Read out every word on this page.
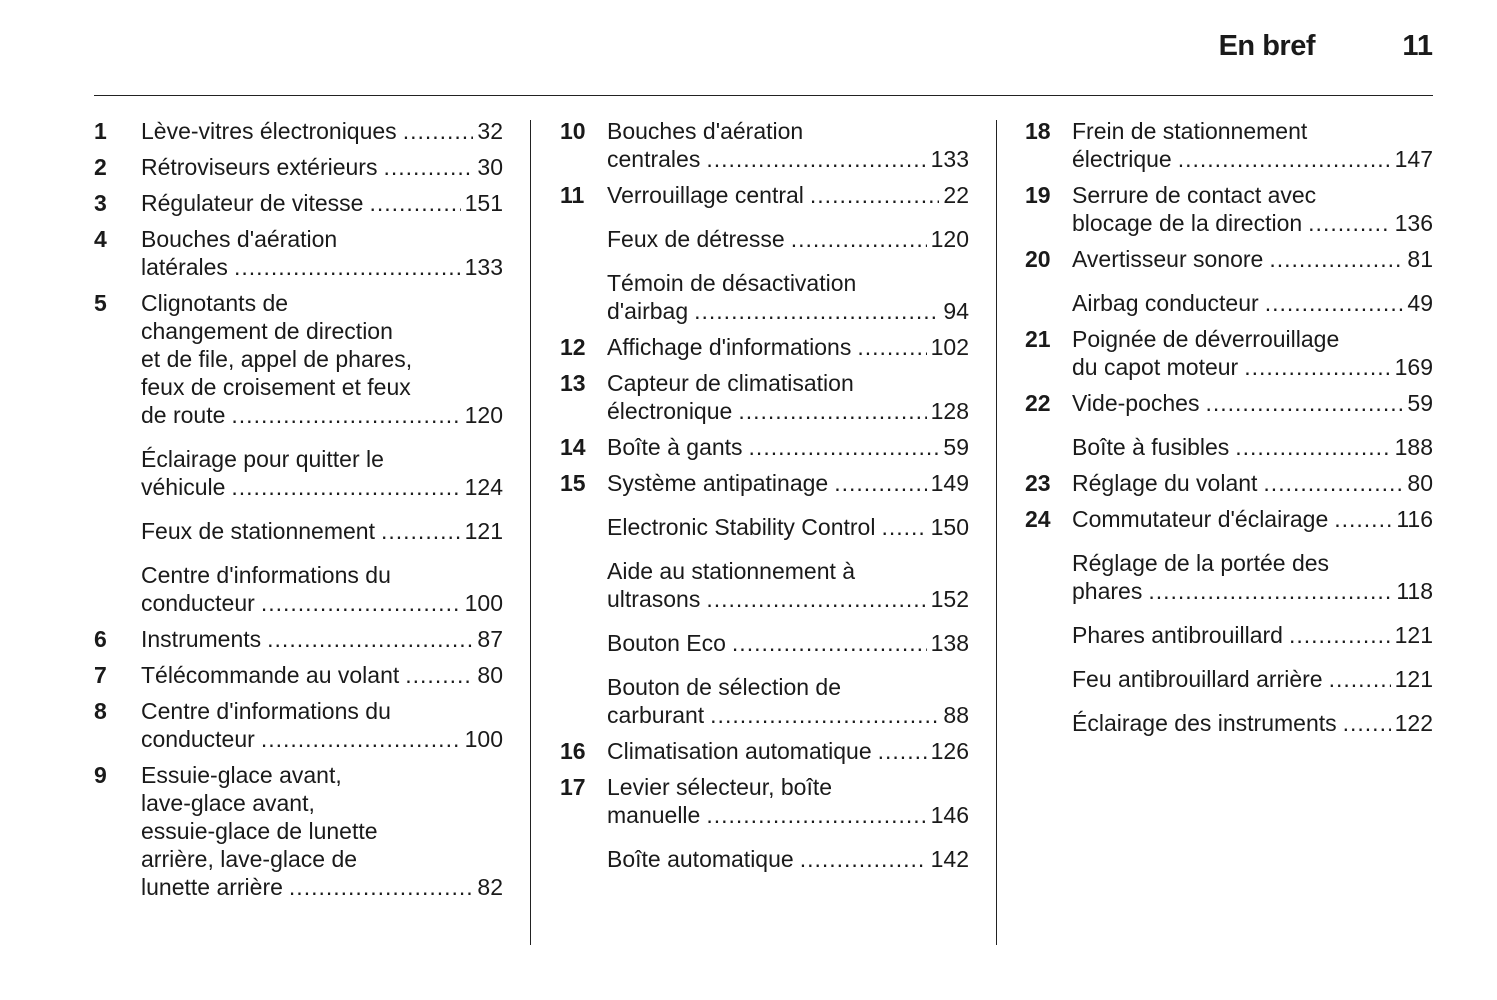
En bref	11
1 Lève-vitres électroniques .....	32
2 Rétroviseurs extérieurs .....	30
3 Régulateur de vitesse .....	151
4 Bouches d'aération
latérales .....	133
5 Clignotants de
changement de direction
et de file, appel de phares,
feux de croisement et feux
de route .....	120
Éclairage pour quitter le
véhicule .....	124
Feux de stationnement .....	121
Centre d'informations du
conducteur .....	100
6 Instruments .....	87
7 Télécommande au volant .....	80
8 Centre d'informations du
conducteur .....	100
9 Essuie-glace avant,
lave-glace avant,
essuie-glace de lunette
arrière, lave-glace de
lunette arrière .....	82
10 Bouches d'aération
centrales .....	133
11 Verrouillage central .....	22
Feux de détresse .....	120
Témoin de désactivation
d'airbag .....	94
12 Affichage d'informations .....	102
13 Capteur de climatisation
électronique .....	128
14 Boîte à gants .....	59
15 Système antipatinage .....	149
Electronic Stability Control ..... 150
Aide au stationnement à
ultrasons .....	152
Bouton Eco .....	138
Bouton de sélection de
carburant .....	88
16 Climatisation automatique .....	126
17 Levier sélecteur, boîte
manuelle .....	146
Boîte automatique .....	142
18 Frein de stationnement
électrique .....	147
19 Serrure de contact avec
blocage de la direction .....	136
20 Avertisseur sonore .....	81
Airbag conducteur .....	49
21 Poignée de déverrouillage
du capot moteur .....	169
22 Vide-poches .....	59
Boîte à fusibles .....	188
23 Réglage du volant .....	80
24 Commutateur d'éclairage .....	116
Réglage de la portée des
phares .....	118
Phares antibrouillard .....	121
Feu antibrouillard arrière .....	121
Éclairage des instruments .....	122
